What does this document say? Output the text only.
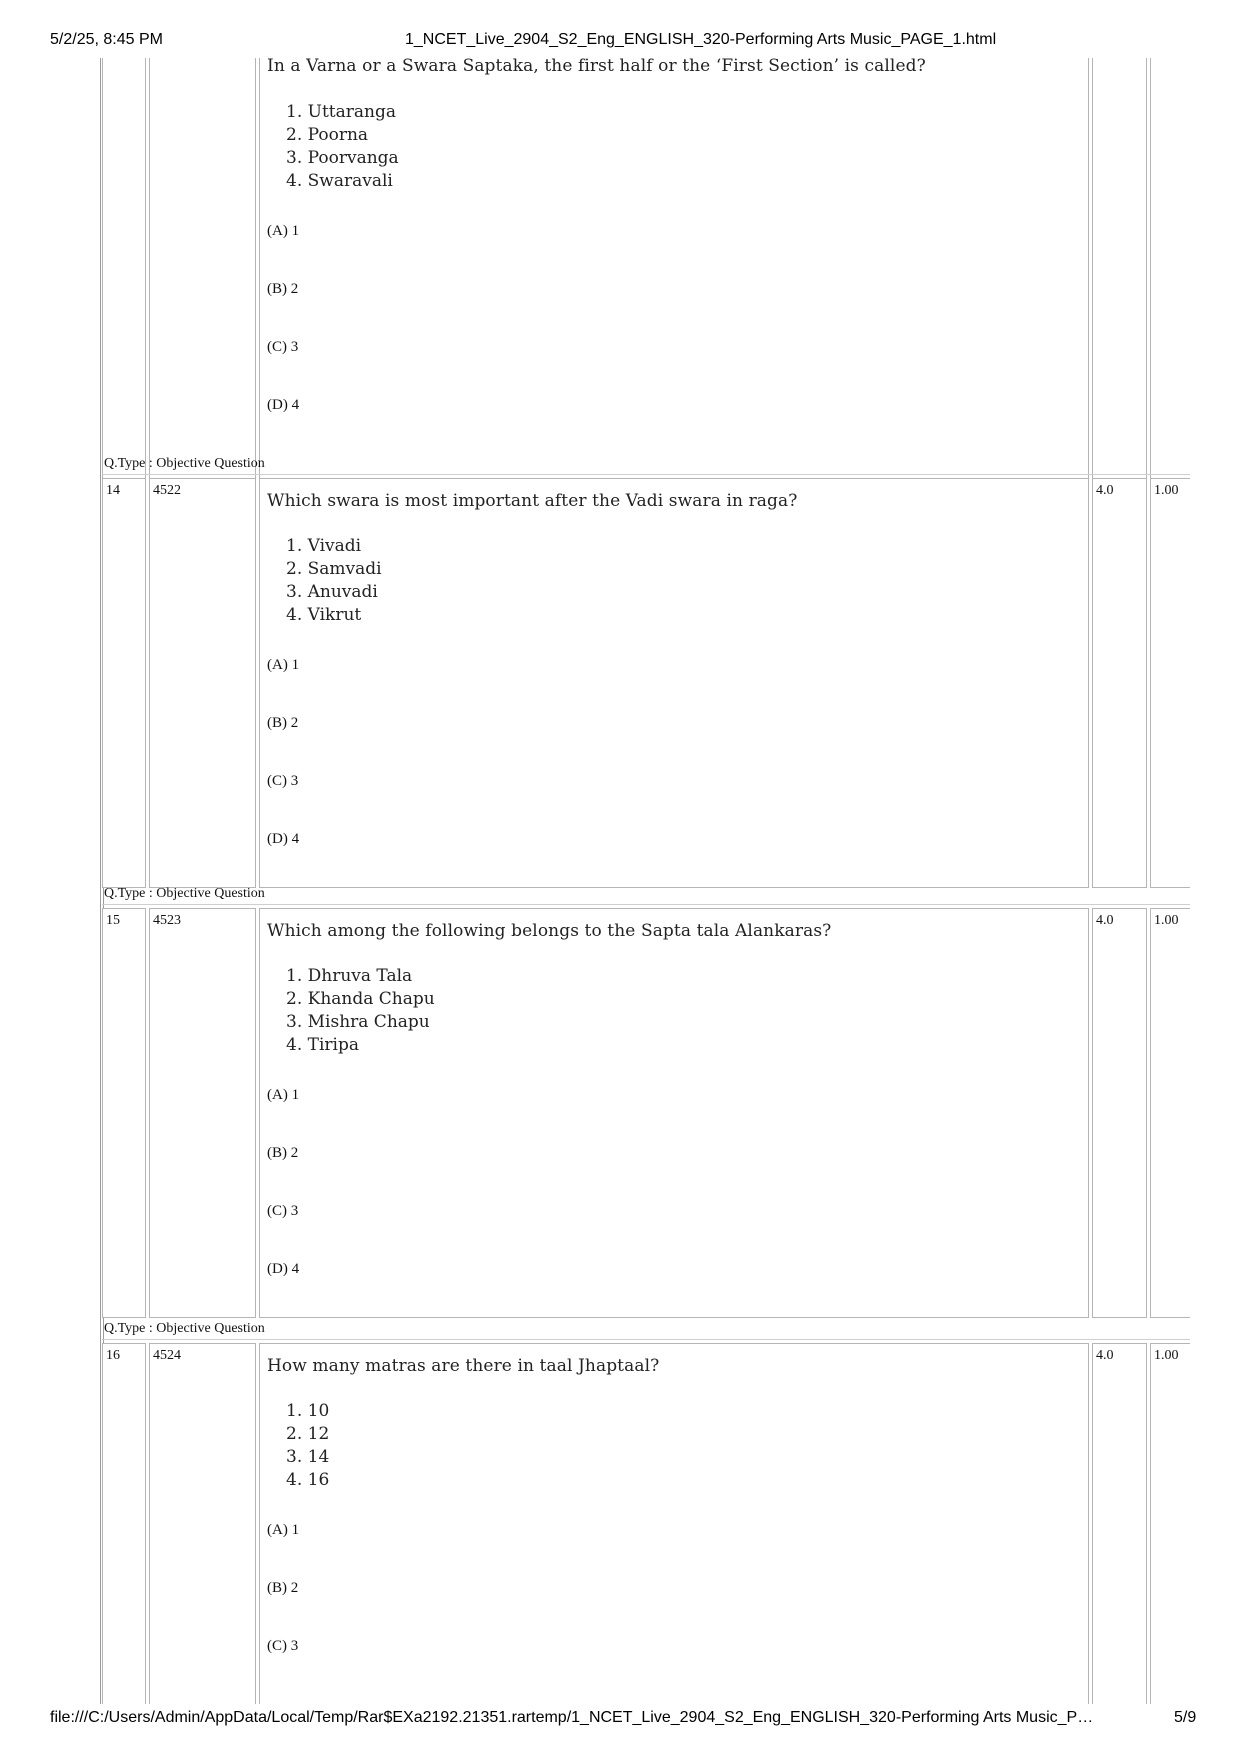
5/2/25, 8:45 PM	1_NCET_Live_2904_S2_Eng_ENGLISH_320-Performing Arts Music_PAGE_1.html
In a Varna or a Swara Saptaka, the first half or the ‘First Section’ is called?
1. Uttaranga
2. Poorna
3. Poorvanga
4. Swaravali
(A) 1
(B) 2
(C) 3
(D) 4
Q.Type : Objective Question
14	4522
Which swara is most important after the Vadi swara in raga?
1. Vivadi
2. Samvadi
3. Anuvadi
4. Vikrut
(A) 1
(B) 2
(C) 3
(D) 4
4.0	1.00
Q.Type : Objective Question
15	4523
Which among the following belongs to the Sapta tala Alankaras?
1. Dhruva Tala
2. Khanda Chapu
3. Mishra Chapu
4. Tiripa
(A) 1
(B) 2
(C) 3
(D) 4
4.0	1.00
Q.Type : Objective Question
16	4524
How many matras are there in taal Jhaptaal?
1. 10
2. 12
3. 14
4. 16
(A) 1
(B) 2
(C) 3
4.0	1.00
file:///C:/Users/Admin/AppData/Local/Temp/Rar$EXa2192.21351.rartemp/1_NCET_Live_2904_S2_Eng_ENGLISH_320-Performing Arts Music_P…	5/9
